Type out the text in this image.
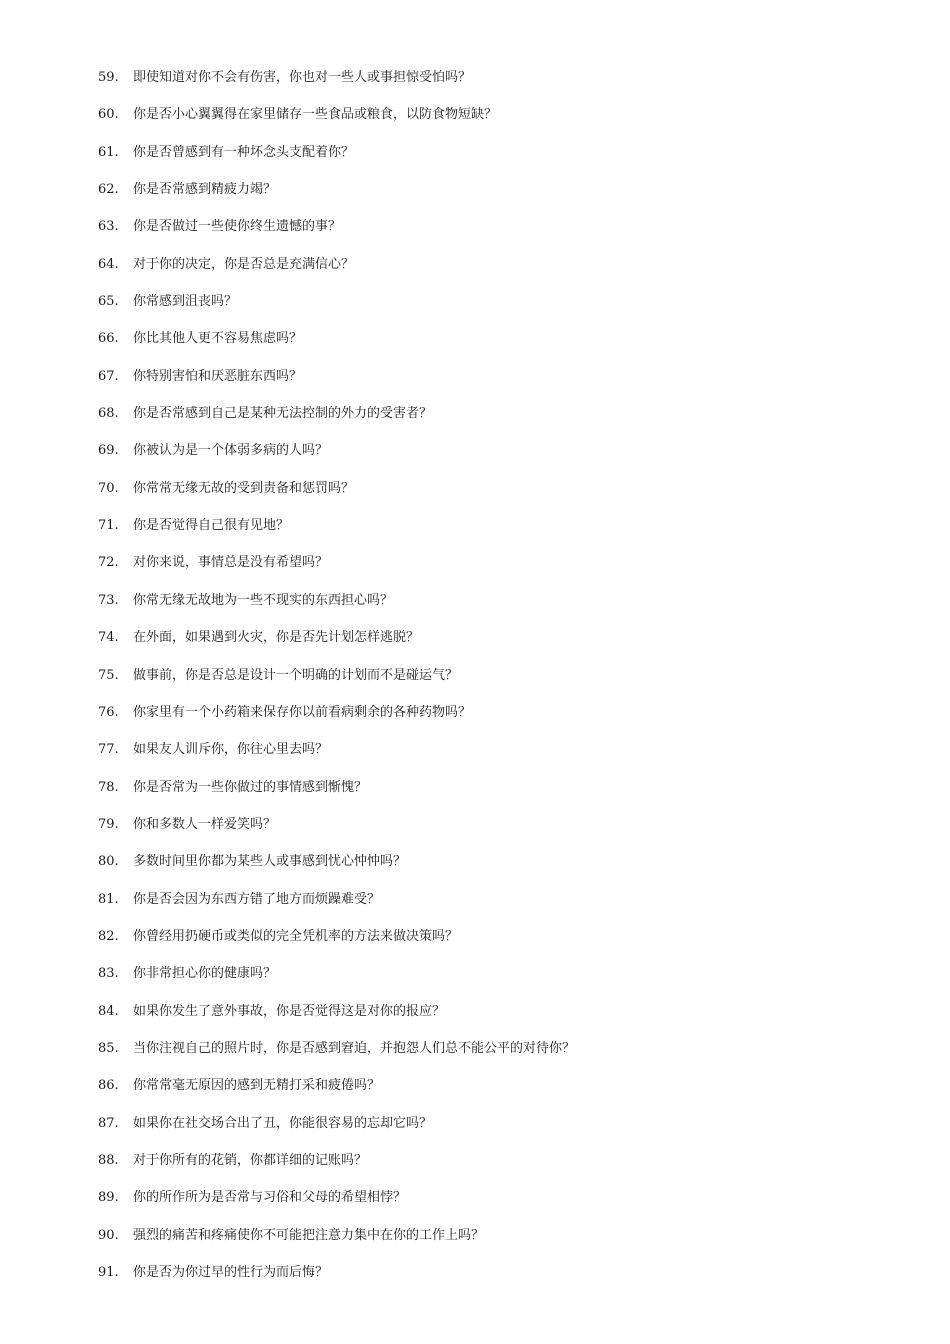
59.	即使知道对你不会有伤害，你也对一些人或事担惊受怕吗？
60.	你是否小心翼翼得在家里储存一些食品或粮食，以防食物短缺？
61.	你是否曾感到有一种坏念头支配着你？
62.	你是否常感到精疲力竭？
63.	你是否做过一些使你终生遗憾的事？
64.	对于你的决定，你是否总是充满信心？
65.	你常感到沮丧吗？
66.	你比其他人更不容易焦虑吗？
67.	你特别害怕和厌恶脏东西吗？
68.	你是否常感到自己是某种无法控制的外力的受害者？
69.	你被认为是一个体弱多病的人吗？
70.	你常常无缘无故的受到责备和惩罚吗？
71.	你是否觉得自己很有见地？
72.	对你来说，事情总是没有希望吗？
73.	你常无缘无故地为一些不现实的东西担心吗？
74.	在外面，如果遇到火灾，你是否先计划怎样逃脱？
75.	做事前，你是否总是设计一个明确的计划而不是碰运气？
76.	你家里有一个小药箱来保存你以前看病剩余的各种药物吗？
77.	如果友人训斥你，你往心里去吗？
78.	你是否常为一些你做过的事情感到惭愧？
79.	你和多数人一样爱笑吗？
80.	多数时间里你都为某些人或事感到忧心忡忡吗？
81.	你是否会因为东西方错了地方而烦躁难受？
82.	你曾经用扔硬币或类似的完全凭机率的方法来做决策吗？
83.	你非常担心你的健康吗？
84.	如果你发生了意外事故，你是否觉得这是对你的报应？
85.	当你注视自己的照片时，你是否感到窘迫，并抱怨人们总不能公平的对待你？
86.	你常常毫无原因的感到无精打采和疲倦吗？
87.	如果你在社交场合出了丑，你能很容易的忘却它吗？
88.	对于你所有的花销，你都详细的记账吗？
89.	你的所作所为是否常与习俗和父母的希望相悖？
90.	强烈的痛苦和疼痛使你不可能把注意力集中在你的工作上吗？
91.	你是否为你过早的性行为而后悔？
